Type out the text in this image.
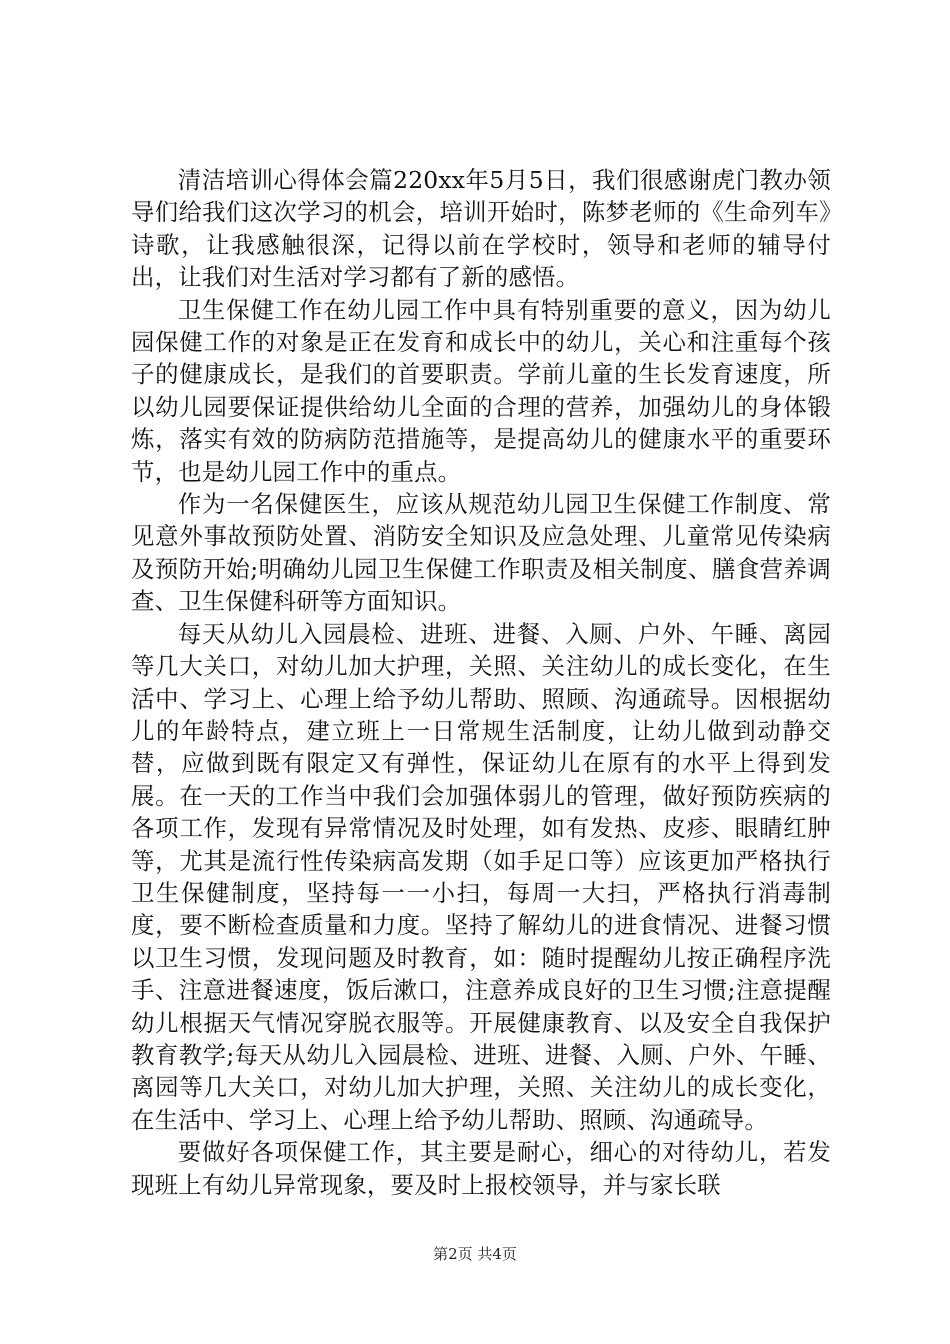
清洁培训心得体会篇220xx年5月5日，我们很感谢虎门教办领导们给我们这次学习的机会，培训开始时，陈梦老师的《生命列车》诗歌，让我感触很深，记得以前在学校时，领导和老师的辅导付出，让我们对生活对学习都有了新的感悟。

卫生保健工作在幼儿园工作中具有特别重要的意义，因为幼儿园保健工作的对象是正在发育和成长中的幼儿，关心和注重每个孩子的健康成长，是我们的首要职责。学前儿童的生长发育速度，所以幼儿园要保证提供给幼儿全面的合理的营养，加强幼儿的身体锻炼，落实有效的防病防范措施等，是提高幼儿的健康水平的重要环节，也是幼儿园工作中的重点。

作为一名保健医生，应该从规范幼儿园卫生保健工作制度、常见意外事故预防处置、消防安全知识及应急处理、儿童常见传染病及预防开始;明确幼儿园卫生保健工作职责及相关制度、膳食营养调查、卫生保健科研等方面知识。

每天从幼儿入园晨检、进班、进餐、入厕、户外、午睡、离园等几大关口，对幼儿加大护理，关照、关注幼儿的成长变化，在生活中、学习上、心理上给予幼儿帮助、照顾、沟通疏导。因根据幼儿的年龄特点，建立班上一日常规生活制度，让幼儿做到动静交替，应做到既有限定又有弹性，保证幼儿在原有的水平上得到发展。在一天的工作当中我们会加强体弱儿的管理，做好预防疾病的各项工作，发现有异常情况及时处理，如有发热、皮疹、眼睛红肿等，尤其是流行性传染病高发期（如手足口等）应该更加严格执行卫生保健制度，坚持每一一小扫，每周一大扫，严格执行消毒制度，要不断检查质量和力度。坚持了解幼儿的进食情况、进餐习惯以卫生习惯，发现问题及时教育，如：随时提醒幼儿按正确程序洗手、注意进餐速度，饭后漱口，注意养成良好的卫生习惯;注意提醒幼儿根据天气情况穿脱衣服等。开展健康教育、以及安全自我保护教育教学;每天从幼儿入园晨检、进班、进餐、入厕、户外、午睡、离园等几大关口，对幼儿加大护理，关照、关注幼儿的成长变化，在生活中、学习上、心理上给予幼儿帮助、照顾、沟通疏导。

要做好各项保健工作，其主要是耐心，细心的对待幼儿，若发现班上有幼儿异常现象，要及时上报校领导，并与家长联

第2页 共4页
